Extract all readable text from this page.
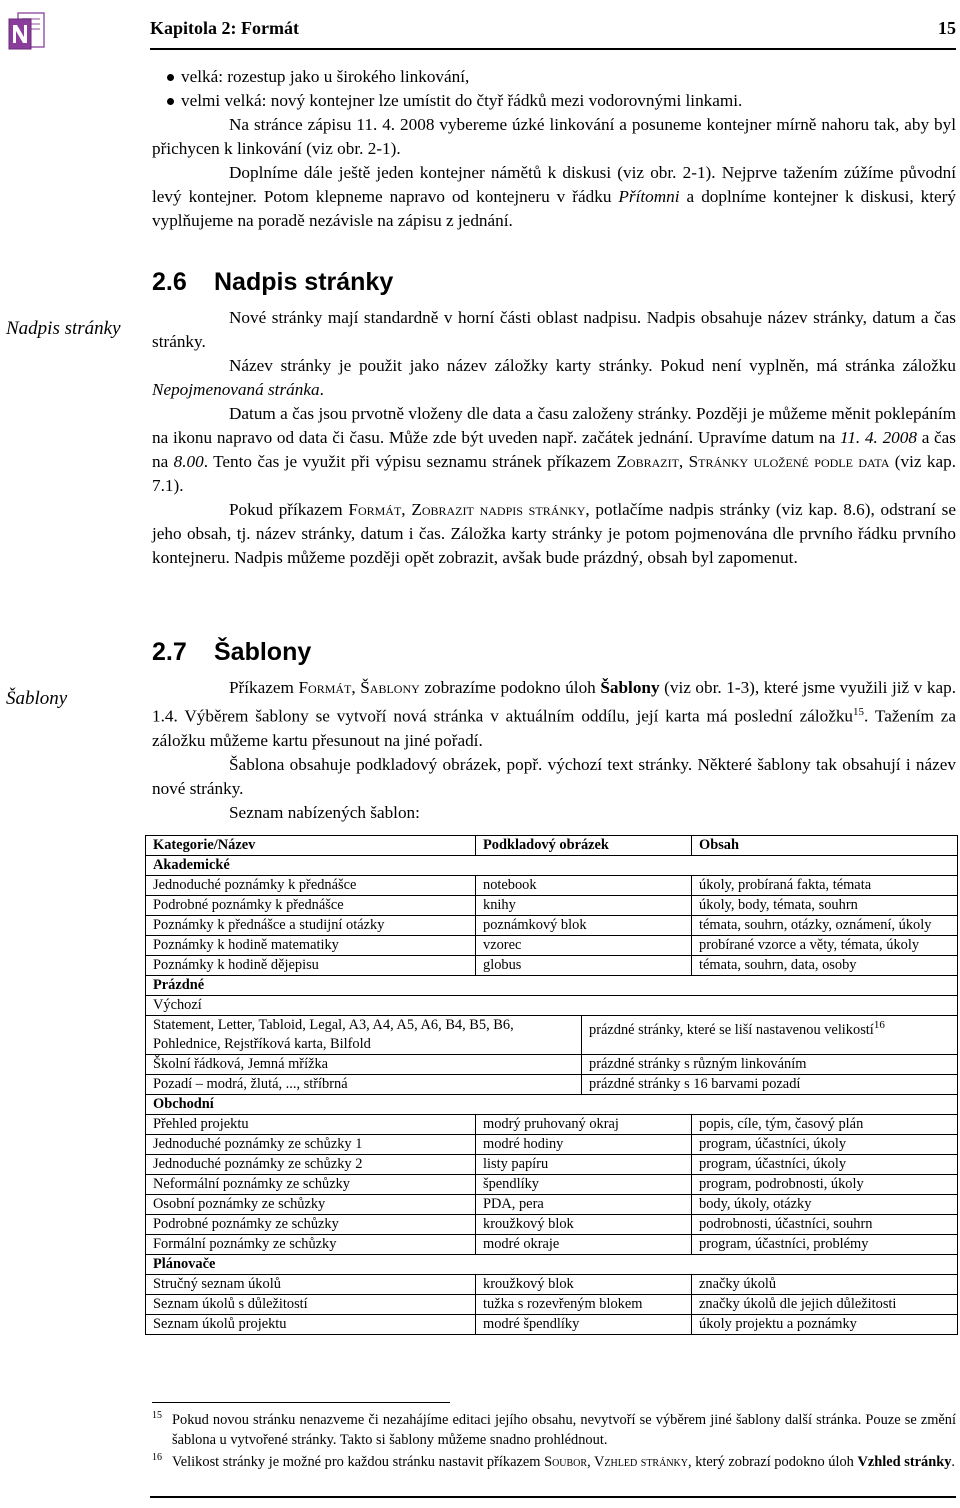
Kapitola 2: Formát	15
velká: rozestup jako u širokého linkování,
velmi velká: nový kontejner lze umístit do čtyř řádků mezi vodorovnými linkami.

Na stránce zápisu 11. 4. 2008 vybereme úzké linkování a posuneme kontejner mírně nahoru tak, aby byl přichycen k linkování (viz obr. 2-1).

Doplníme dále ještě jeden kontejner námětů k diskusi (viz obr. 2-1). Nejprve tažením zúžíme původní levý kontejner. Potom klepneme napravo od kontejneru v řádku Přítomni a doplníme kontejner k diskusi, který vyplňujeme na poradě nezávisle na zápisu z jednání.

Nadpis stránky
2.6 Nadpis stránky

Nové stránky mají standardně v horní části oblast nadpisu. Nadpis obsahuje název stránky, datum a čas stránky.

Název stránky je použit jako název záložky karty stránky. Pokud není vyplněn, má stránka záložku Nepojmenovaná stránka.

Datum a čas jsou prvotně vloženy dle data a času založeny stránky. Později je můžeme měnit poklepáním na ikonu napravo od data či času. Může zde být uveden např. začátek jednání. Upravíme datum na 11. 4. 2008 a čas na 8.00. Tento čas je využit při výpisu seznamu stránek příkazem Zobrazit, Stránky uložené podle data (viz kap. 7.1).

Pokud příkazem Formát, Zobrazit nadpis stránky, potlačíme nadpis stránky (viz kap. 8.6), odstraní se jeho obsah, tj. název stránky, datum i čas. Záložka karty stránky je potom pojmenována dle prvního řádku prvního kontejneru. Nadpis můžeme později opět zobrazit, avšak bude prázdný, obsah byl zapomenut.

Šablony
2.7 Šablony

Příkazem Formát, Šablony zobrazíme podokno úloh Šablony (viz obr. 1-3), které jsme využili již v kap. 1.4. Výběrem šablony se vytvoří nová stránka v aktuálním oddílu, její karta má poslední záložku$^{15}$. Tažením za záložku můžeme kartu přesunout na jiné pořadí.

Šablona obsahuje podkladový obrázek, popř. výchozí text stránky. Některé šablony tak obsahují i název nové stránky.

Seznam nabízených šablon:

Kategorie/Název	Podkladový obrázek		Obsah
Akademické			
Jednoduché poznámky k přednášce	notebook		úkoly, probíraná fakta, témata
Podrobné poznámky k přednášce	knihy		úkoly, body, témata, souhrn
Poznámky k přednášce a studijní otázky	poznámkový blok		témata, souhrn, otázky, oznámení, úkoly
Poznámky k hodině matematiky	vzorec		probírané vzorce a věty, témata, úkoly
Poznámky k hodině dějepisu	globus		témata, souhrn, data, osoby
Prázdné			
Výchozí			
Statement, Letter, Tabloid, Legal, A3, A4, A5, A6, B4, B5, B6, Pohlednice, Rejstříková karta, Bilfold		prázdné stránky, které se liší nastavenou velikostí$^{16}$
Školní řádková, Jemná mřížka		prázdné stránky s různým linkováním	
Pozadí – modrá, žlutá, ..., stříbrná		prázdné stránky s 16 barvami pozadí	
Obchodní			
Přehled projektu	modrý pruhovaný okraj		popis, cíle, tým, časový plán
Jednoduché poznámky ze schůzky 1	modré hodiny		program, účastníci, úkoly
Jednoduché poznámky ze schůzky 2	listy papíru		program, účastníci, úkoly
Neformální poznámky ze schůzky	špendlíky		program, podrobnosti, úkoly
Osobní poznámky ze schůzky	PDA, pera		body, úkoly, otázky
Podrobné poznámky ze schůzky	kroužkový blok		podrobnosti, účastníci, souhrn
Formální poznámky ze schůzky	modré okraje		program, účastníci, problémy
Plánovače			
Stručný seznam úkolů	kroužkový blok		značky úkolů
Seznam úkolů s důležitostí	tužka s rozevřeným blokem		značky úkolů dle jejich důležitosti
Seznam úkolů projektu	modré špendlíky		úkoly projektu a poznámky
15 Pokud novou stránku nenazveme či nezahájíme editaci jejího obsahu, nevytvoří se výběrem jiné šablony další stránka. Pouze se změní šablona u vytvořené stránky. Takto si šablony můžeme snadno prohlédnout.
16 Velikost stránky je možné pro každou stránku nastavit příkazem Soubor, Vzhled stránky, který zobrazí podokno úloh Vzhled stránky.
